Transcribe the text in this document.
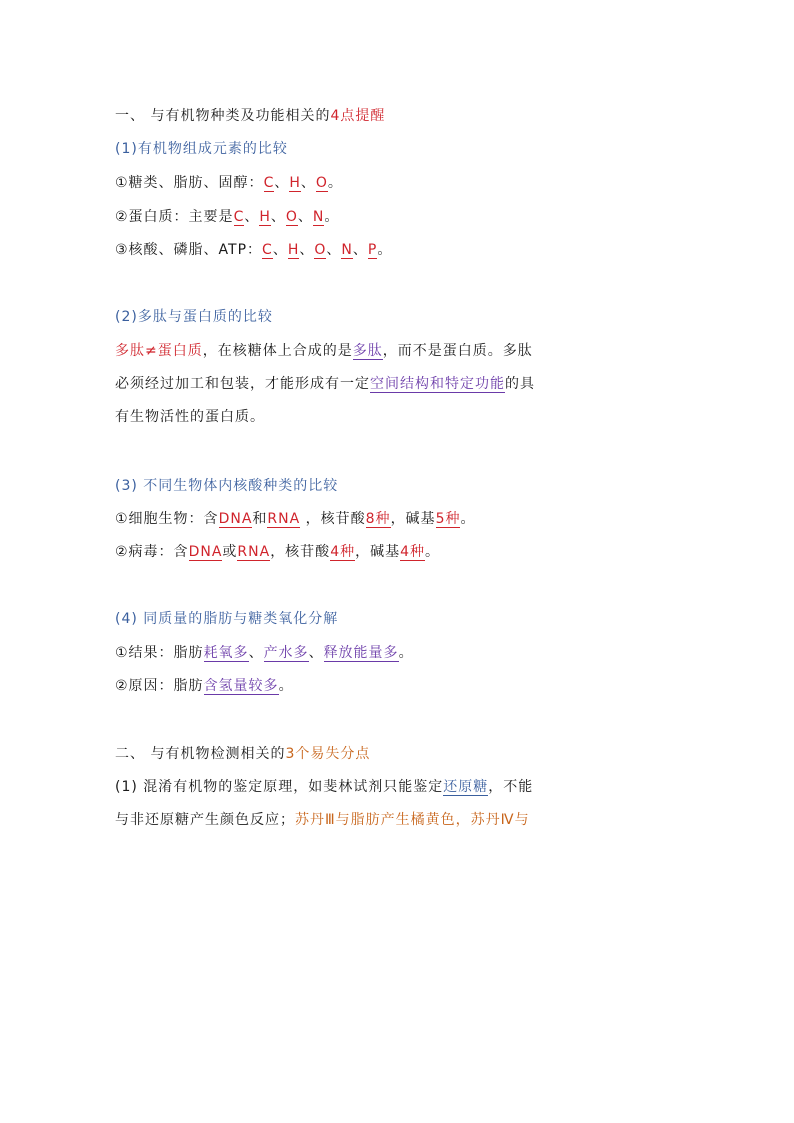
一、 与有机物种类及功能相关的4点提醒
(1)有机物组成元素的比较
①糖类、脂肪、固醇：C、H、O。
②蛋白质：主要是C、H、O、N。
③核酸、磷脂、ATP：C、H、O、N、P。
(2)多肽与蛋白质的比较
多肽≠蛋白质，在核糖体上合成的是多肽，而不是蛋白质。多肽
必须经过加工和包装，才能形成有一定空间结构和特定功能的具
有生物活性的蛋白质。
(3) 不同生物体内核酸种类的比较
①细胞生物：含DNA和RNA ，核苷酸8种，碱基5种。
②病毒：含DNA或RNA，核苷酸4种，碱基4种。
(4) 同质量的脂肪与糖类氧化分解
①结果：脂肪耗氧多、产水多、释放能量多。
②原因：脂肪含氢量较多。
二、 与有机物检测相关的3个易失分点
(1) 混淆有机物的鉴定原理，如斐林试剂只能鉴定还原糖，不能
与非还原糖产生颜色反应；苏丹Ⅲ与脂肪产生橘黄色，苏丹Ⅳ与
